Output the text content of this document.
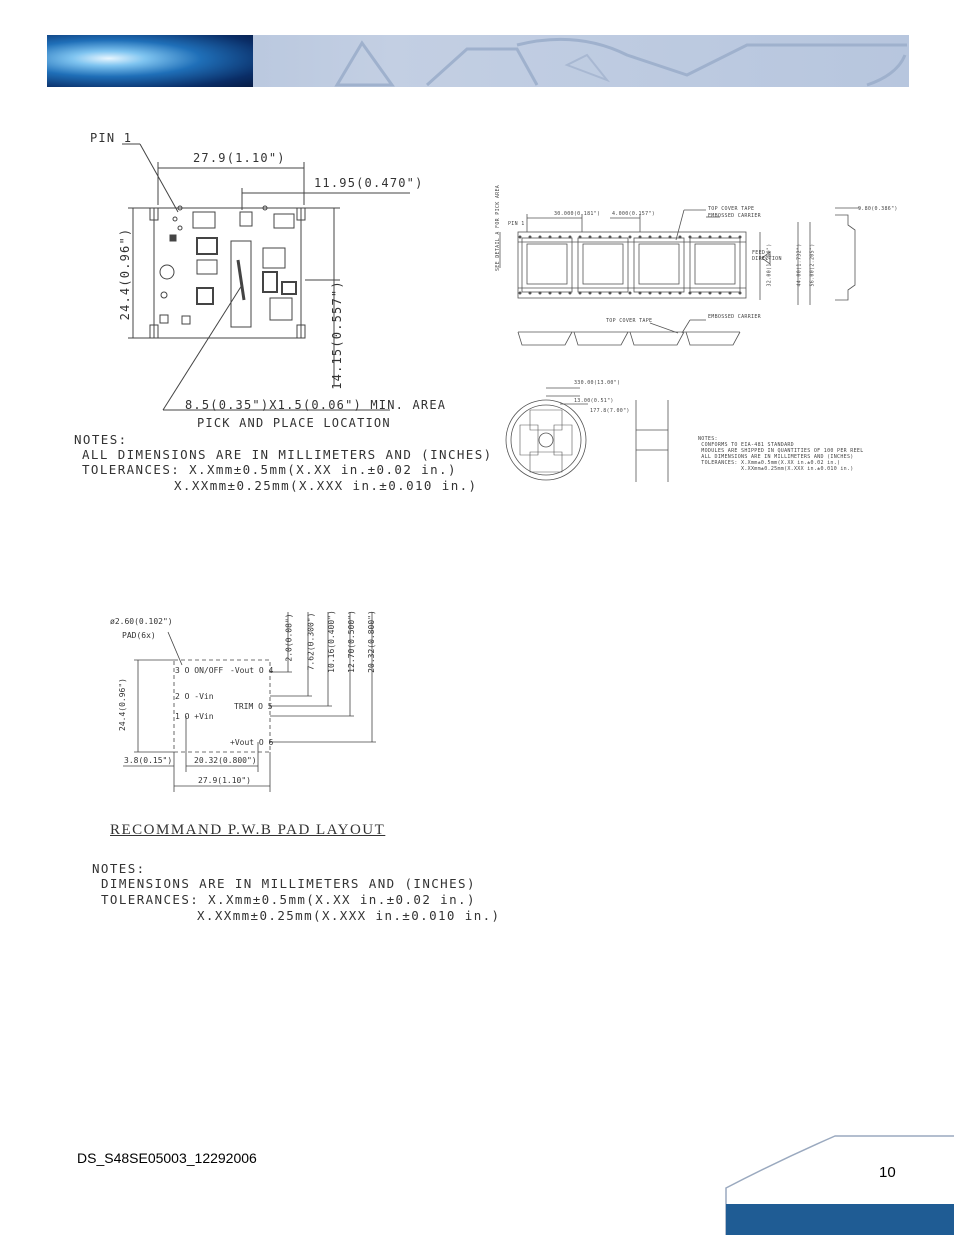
PIN 1
27.9(1.10")
11.95(0.470")
24.4(0.96")
14.15(0.557")
8.5(0.35")X1.5(0.06") MIN. AREA
PICK AND PLACE LOCATION
NOTES:
ALL DIMENSIONS ARE IN MILLIMETERS AND (INCHES)
TOLERANCES: X.Xmm±0.5mm(X.XX in.±0.02 in.)
X.XXmm±0.25mm(X.XXX in.±0.010 in.)
30.000(0.181") 4.000(0.157")
TOP COVER TAPE
EMBOSSED CARRIER
PIN 1
SEE DETAIL A FOR PICK AREA	FEED DIRECTION
32.00(1.260")	44.00(1.732") 56.00(2.205")
9.80(0.386")
TOP COVER TAPE
EMBOSSED CARRIER
330.00(13.00")
13.00(0.51")
177.8(7.00")
NOTES:
CONFORMS TO EIA-481 STANDARD
MODULES ARE SHIPPED IN QUANTITIES OF 100 PER REEL
ALL DIMENSIONS ARE IN MILLIMETERS AND (INCHES)
TOLERANCES: X.Xmm±0.5mm(X.XX in.±0.02 in.)
X.XXmm±0.25mm(X.XXX in.±0.010 in.)
ø2.60(0.102")
PAD(6x)	2.0(0.08") 7.62(0.300") 10.16(0.400") 12.70(0.500") 20.32(0.800")
3 O ON/OFF -Vout O 4
2 O -Vin
TRIM O 5
1 O +Vin
+Vout O 6
24.4(0.96")
3.8(0.15")	20.32(0.800")
27.9(1.10")
RECOMMAND P.W.B PAD LAYOUT
NOTES:
DIMENSIONS ARE IN MILLIMETERS AND (INCHES)
TOLERANCES: X.Xmm±0.5mm(X.XX in.±0.02 in.)
X.XXmm±0.25mm(X.XXX in.±0.010 in.)
DS_S48SE05003_12292006
10
